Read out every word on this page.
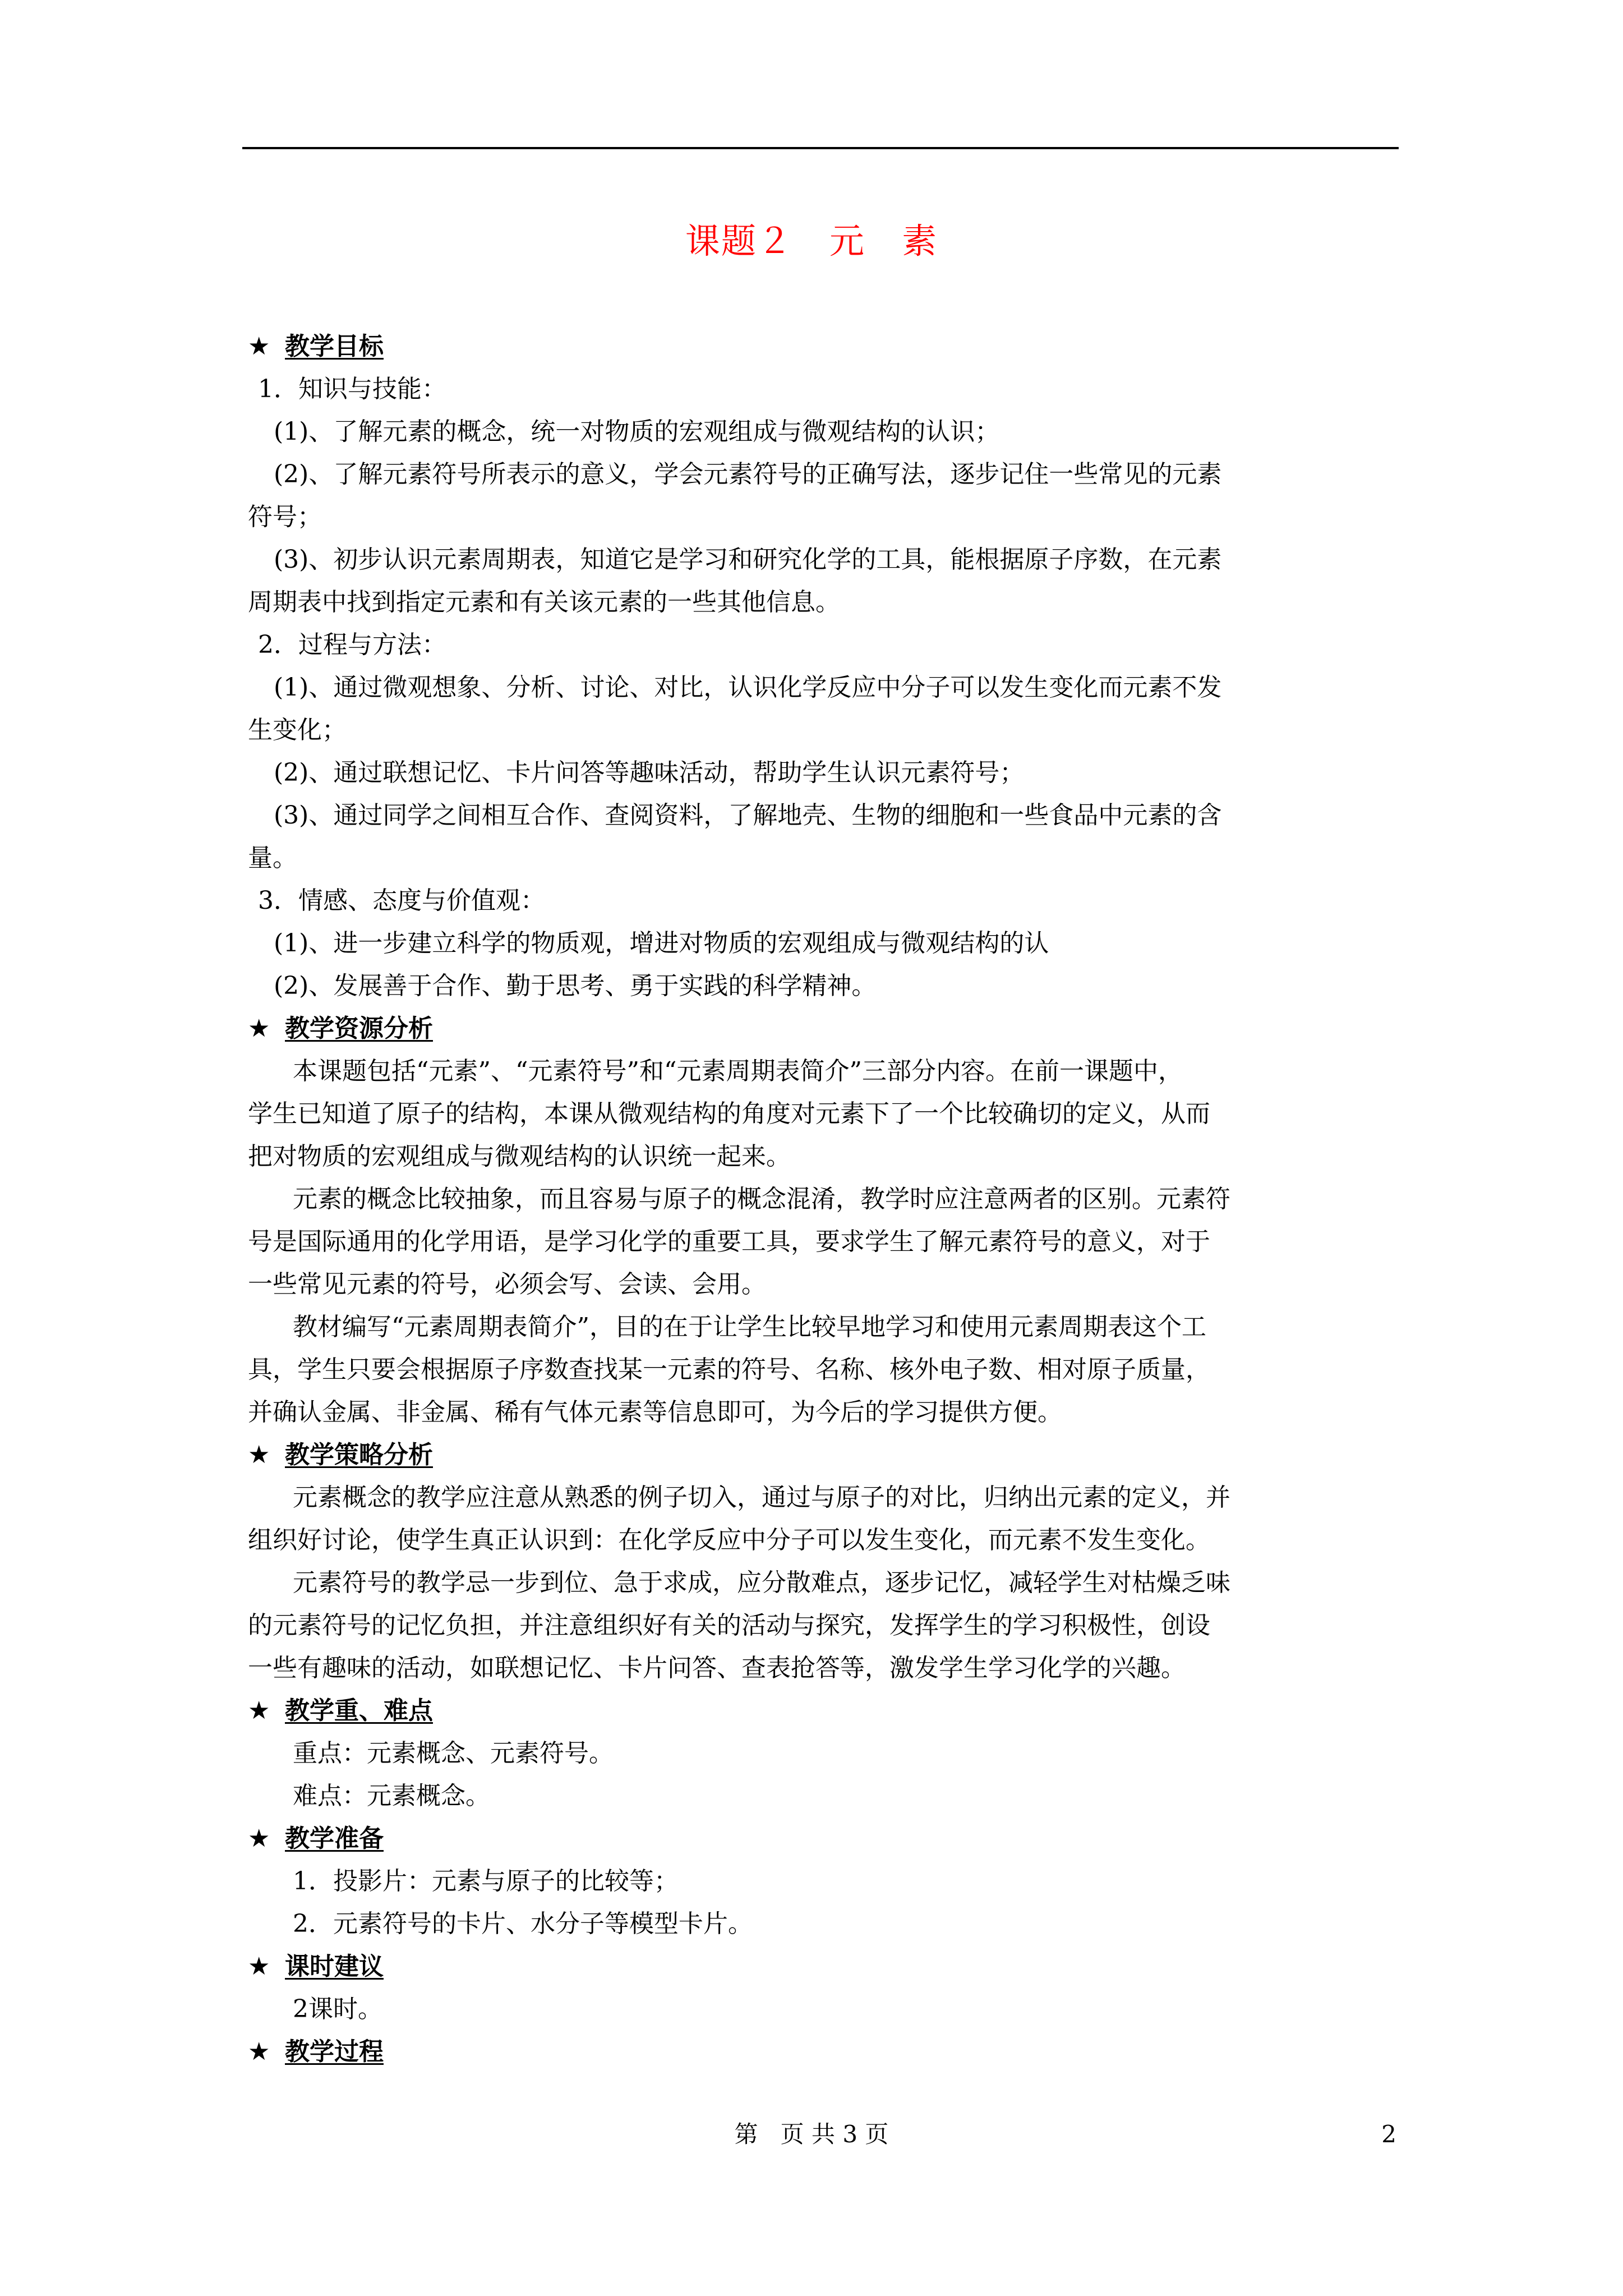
课题２   元   素
★ 教学目标
1．知识与技能：
(1)、了解元素的概念，统一对物质的宏观组成与微观结构的认识；
(2)、了解元素符号所表示的意义，学会元素符号的正确写法，逐步记住一些常见的元素
符号；
(3)、初步认识元素周期表，知道它是学习和研究化学的工具，能根据原子序数，在元素
周期表中找到指定元素和有关该元素的一些其他信息。
2．过程与方法：
(1)、通过微观想象、分析、讨论、对比，认识化学反应中分子可以发生变化而元素不发
生变化；
(2)、通过联想记忆、卡片问答等趣味活动，帮助学生认识元素符号；
(3)、通过同学之间相互合作、查阅资料，了解地壳、生物的细胞和一些食品中元素的含
量。
3．情感、态度与价值观：
(1)、进一步建立科学的物质观，增进对物质的宏观组成与微观结构的认
(2)、发展善于合作、勤于思考、勇于实践的科学精神。
★ 教学资源分析
本课题包括“元素”、“元素符号”和“元素周期表简介”三部分内容。在前一课题中，
学生已知道了原子的结构，本课从微观结构的角度对元素下了一个比较确切的定义，从而
把对物质的宏观组成与微观结构的认识统一起来。
元素的概念比较抽象，而且容易与原子的概念混淆，教学时应注意两者的区别。元素符
号是国际通用的化学用语，是学习化学的重要工具，要求学生了解元素符号的意义，对于
一些常见元素的符号，必须会写、会读、会用。
教材编写“元素周期表简介”，目的在于让学生比较早地学习和使用元素周期表这个工
具，学生只要会根据原子序数查找某一元素的符号、名称、核外电子数、相对原子质量，
并确认金属、非金属、稀有气体元素等信息即可，为今后的学习提供方便。
★ 教学策略分析
元素概念的教学应注意从熟悉的例子切入，通过与原子的对比，归纳出元素的定义，并
组织好讨论，使学生真正认识到：在化学反应中分子可以发生变化，而元素不发生变化。
元素符号的教学忌一步到位、急于求成，应分散难点，逐步记忆，减轻学生对枯燥乏味
的元素符号的记忆负担，并注意组织好有关的活动与探究，发挥学生的学习积极性，创设
一些有趣味的活动，如联想记忆、卡片问答、查表抢答等，激发学生学习化学的兴趣。
★ 教学重、难点
重点：元素概念、元素符号。
难点：元素概念。
★ 教学准备
1．投影片：元素与原子的比较等；
2．元素符号的卡片、水分子等模型卡片。
★ 课时建议
2课时。
★ 教学过程
第   页 共 3 页	2
